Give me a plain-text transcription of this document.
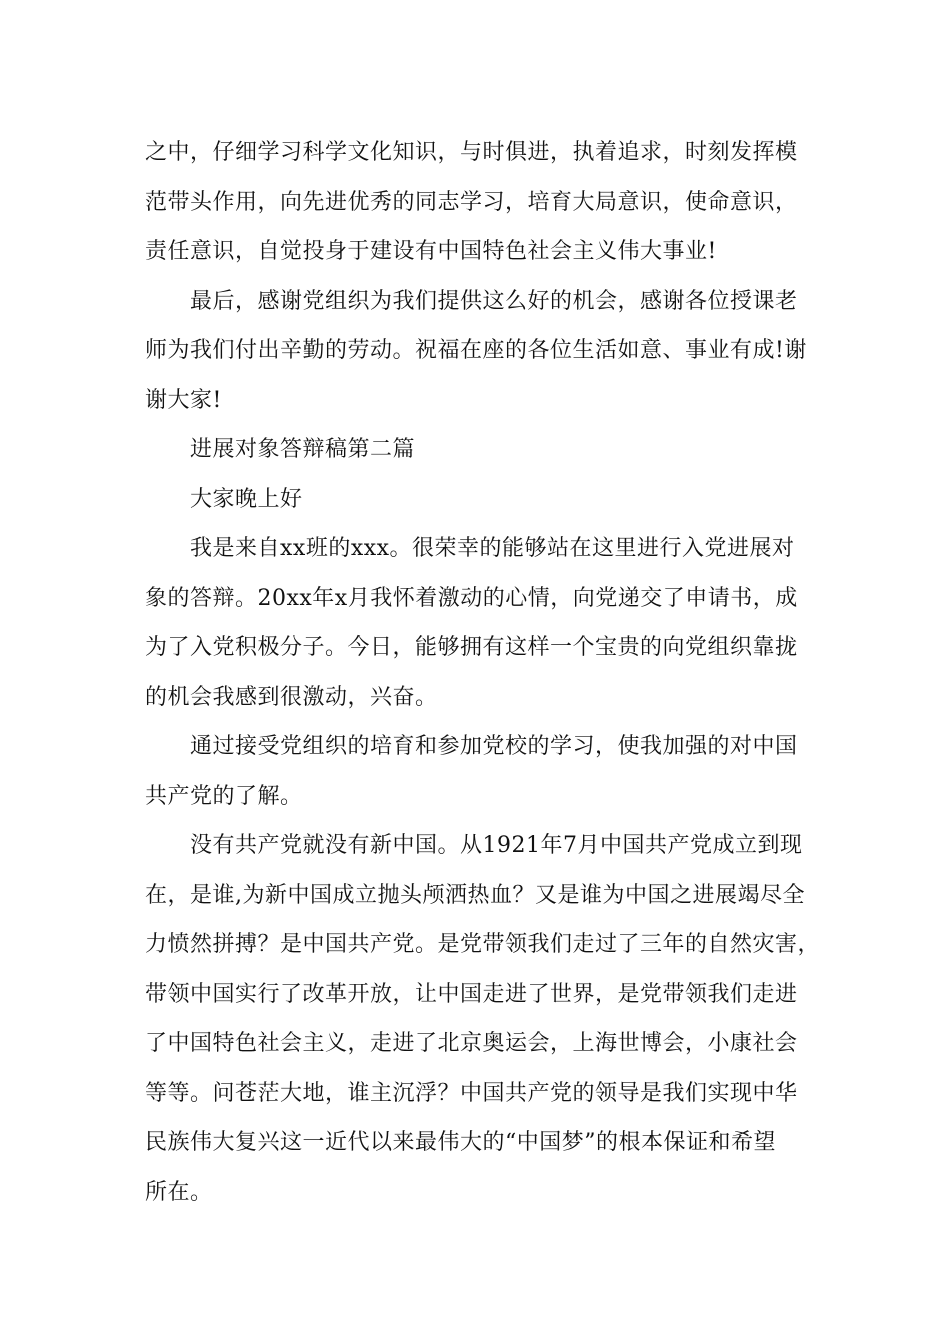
之中，仔细学习科学文化知识，与时俱进，执着追求，时刻发挥模
范带头作用，向先进优秀的同志学习，培育大局意识，使命意识，
责任意识，自觉投身于建设有中国特色社会主义伟大事业!
最后，感谢党组织为我们提供这么好的机会，感谢各位授课老
师为我们付出辛勤的劳动。祝福在座的各位生活如意、事业有成!谢
谢大家!
进展对象答辩稿第二篇
大家晚上好
我是来自xx班的xxx。很荣幸的能够站在这里进行入党进展对
象的答辩。20xx年x月我怀着激动的心情，向党递交了申请书，成
为了入党积极分子。今日，能够拥有这样一个宝贵的向党组织靠拢
的机会我感到很激动，兴奋。
通过接受党组织的培育和参加党校的学习，使我加强的对中国
共产党的了解。
没有共产党就没有新中国。从1921年7月中国共产党成立到现
在，是谁,为新中国成立抛头颅洒热血？又是谁为中国之进展竭尽全
力愤然拼搏？是中国共产党。是党带领我们走过了三年的自然灾害，
带领中国实行了改革开放，让中国走进了世界，是党带领我们走进
了中国特色社会主义，走进了北京奥运会，上海世博会，小康社会
等等。问苍茫大地，谁主沉浮？中国共产党的领导是我们实现中华
民族伟大复兴这一近代以来最伟大的“中国梦”的根本保证和希望
所在。
